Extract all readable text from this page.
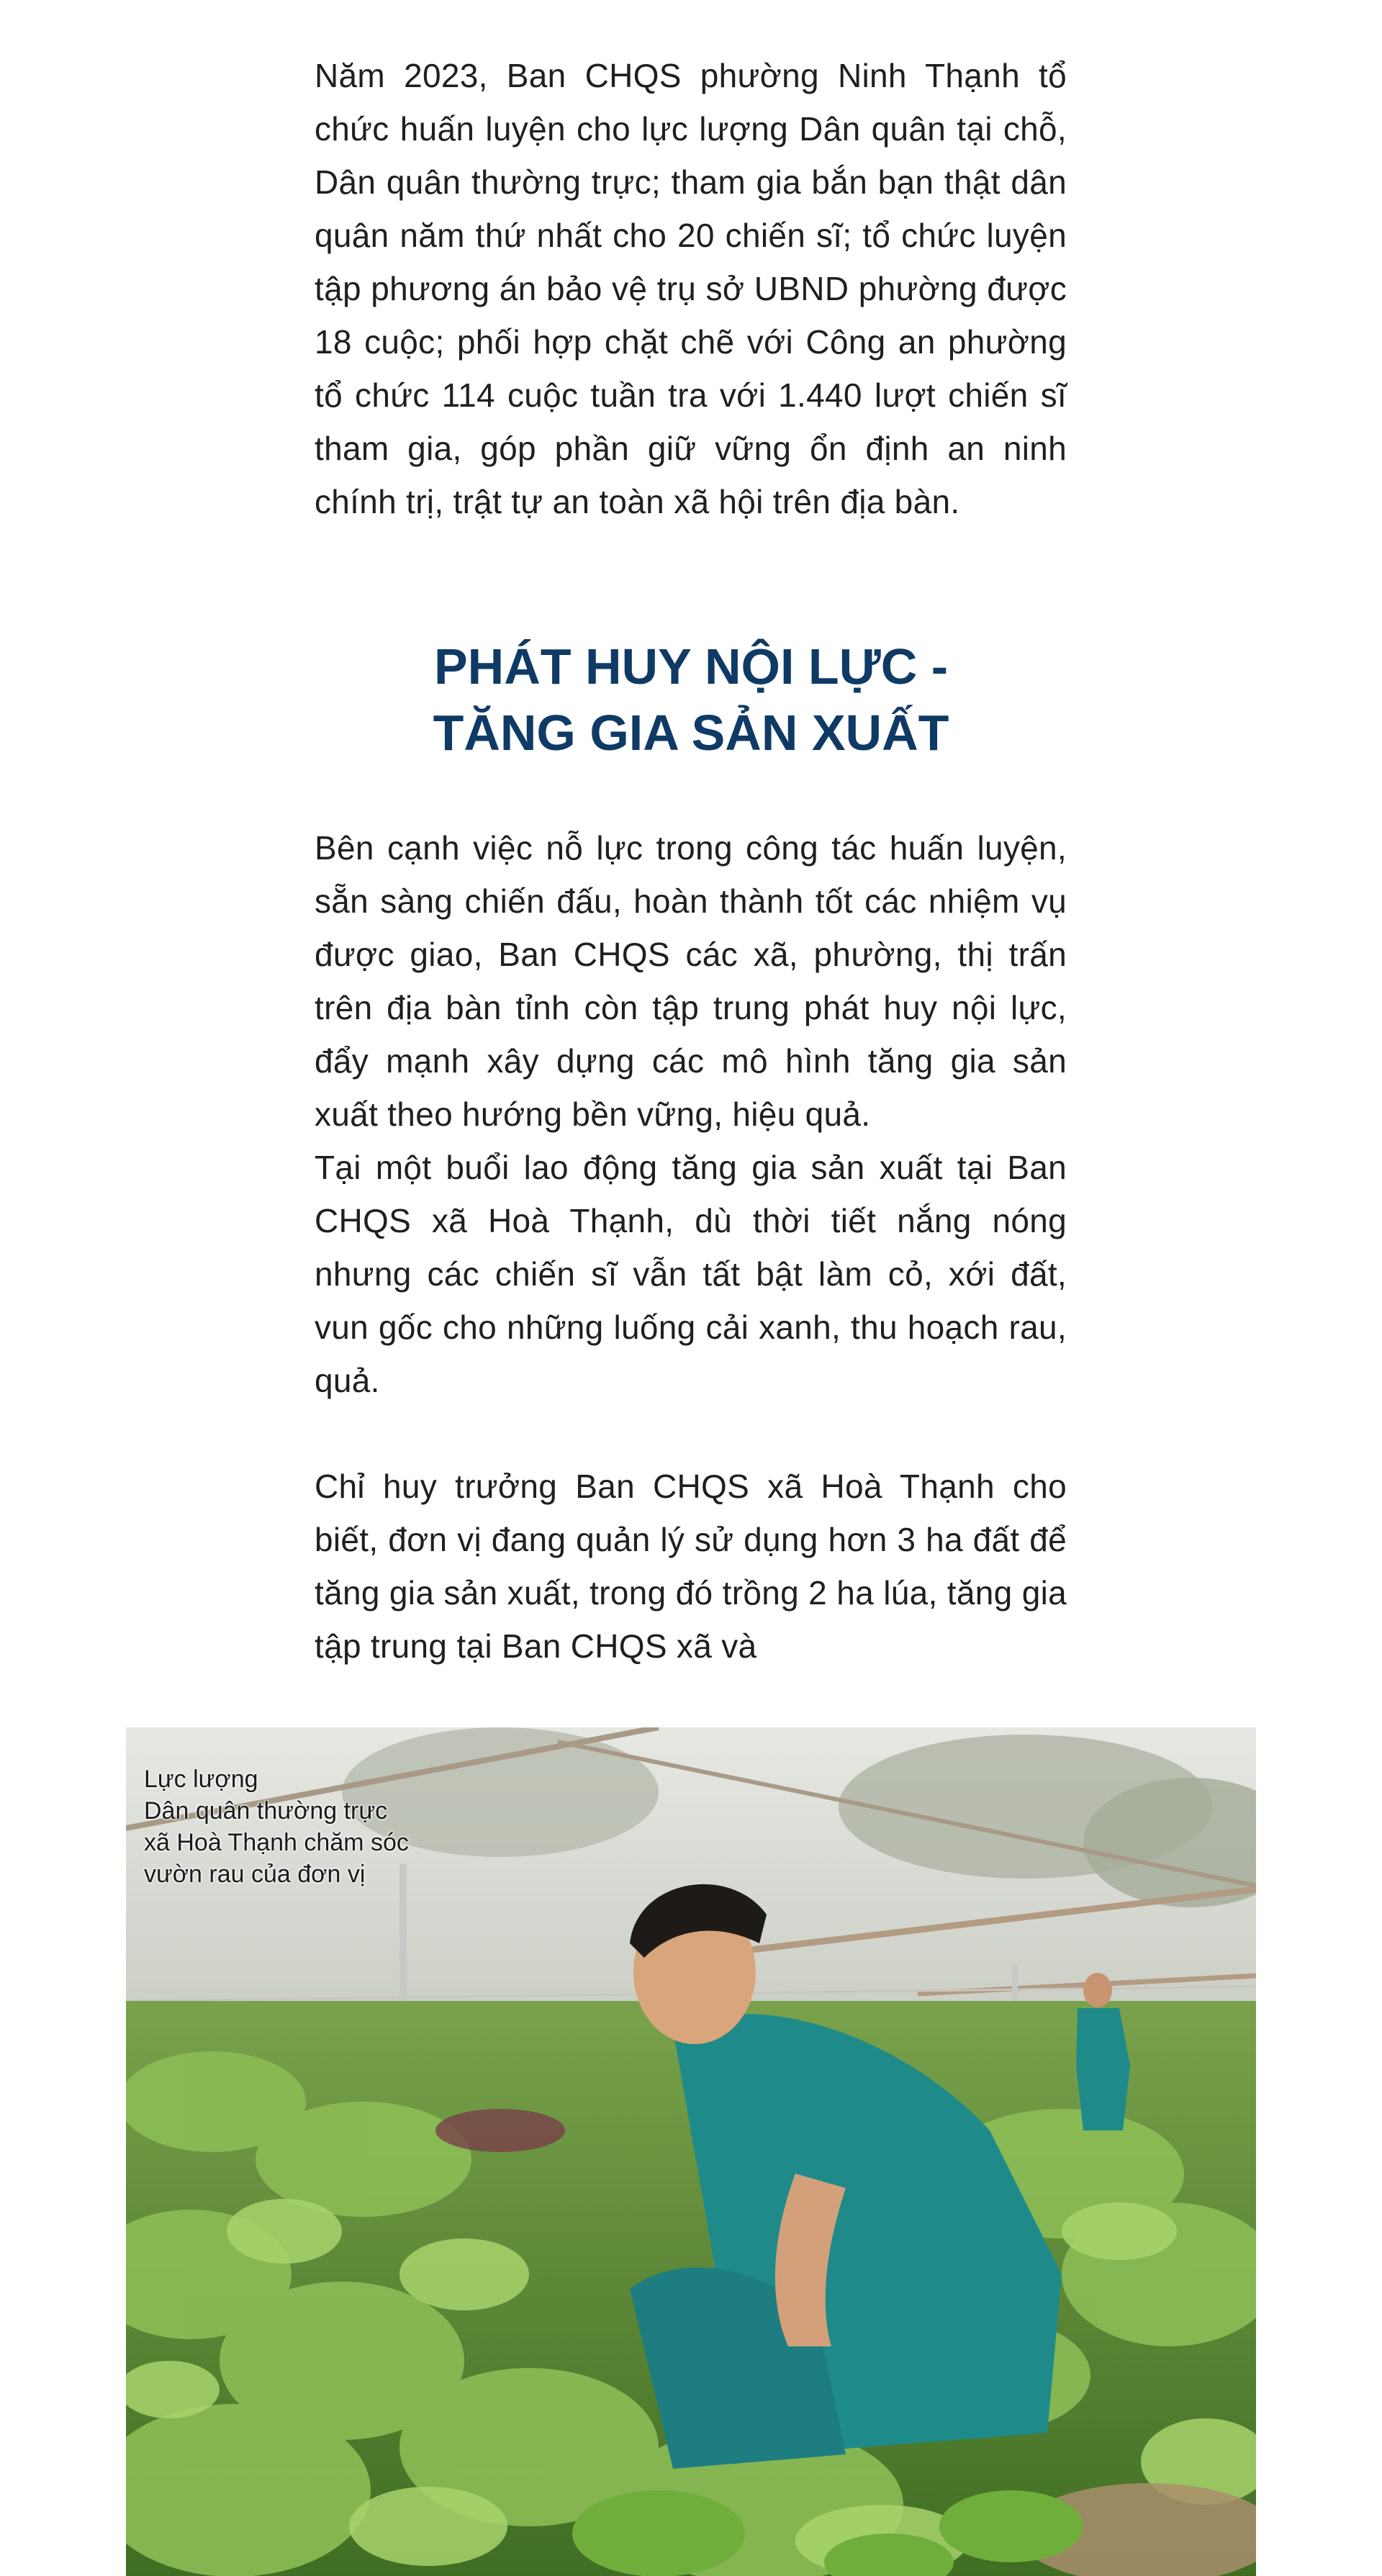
Năm 2023, Ban CHQS phường Ninh Thạnh tổ chức huấn luyện cho lực lượng Dân quân tại chỗ, Dân quân thường trực; tham gia bắn bạn thật dân quân năm thứ nhất cho 20 chiến sĩ; tổ chức luyện tập phương án bảo vệ trụ sở UBND phường được 18 cuộc; phối hợp chặt chẽ với Công an phường tổ chức 114 cuộc tuần tra với 1.440 lượt chiến sĩ tham gia, góp phần giữ vững ổn định an ninh chính trị, trật tự an toàn xã hội trên địa bàn.

PHÁT HUY NỘI LỰC -
TĂNG GIA SẢN XUẤT

Bên cạnh việc nỗ lực trong công tác huấn luyện, sẵn sàng chiến đấu, hoàn thành tốt các nhiệm vụ được giao, Ban CHQS các xã, phường, thị trấn trên địa bàn tỉnh còn tập trung phát huy nội lực, đẩy mạnh xây dựng các mô hình tăng gia sản xuất theo hướng bền vững, hiệu quả.
Tại một buổi lao động tăng gia sản xuất tại Ban CHQS xã Hoà Thạnh, dù thời tiết nắng nóng nhưng các chiến sĩ vẫn tất bật làm cỏ, xới đất, vun gốc cho những luống cải xanh, thu hoạch rau, quả.

Chỉ huy trưởng Ban CHQS xã Hoà Thạnh cho biết, đơn vị đang quản lý sử dụng hơn 3 ha đất để tăng gia sản xuất, trong đó trồng 2 ha lúa, tăng gia tập trung tại Ban CHQS xã và

Lực lượng
Dân quân thường trực
xã Hoà Thạnh chăm sóc
vườn rau của đơn vị
